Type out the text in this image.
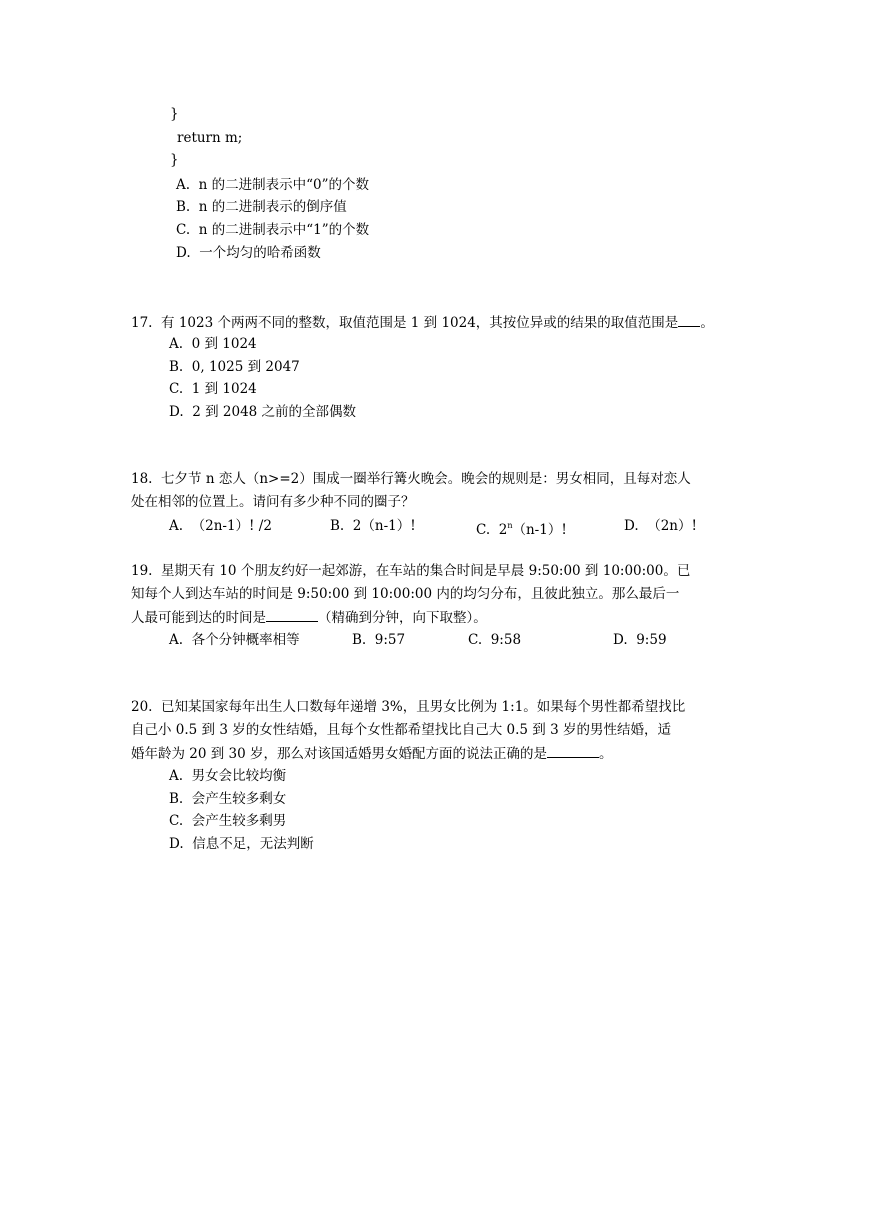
}
return m;
}
A.  n 的二进制表示中“0”的个数
B.  n 的二进制表示的倒序值
C.  n 的二进制表示中“1”的个数
D.  一个均匀的哈希函数
17.  有 1023 个两两不同的整数，取值范围是 1 到 1024，其按位异或的结果的取值范围是 。
A.  0 到 1024
B.  0, 1025 到 2047
C.  1 到 1024
D.  2 到 2048 之前的全部偶数
18.  七夕节 n 恋人（n>=2）围成一圈举行篝火晚会。晚会的规则是：男女相同，且每对恋人
处在相邻的位置上。请问有多少种不同的圈子？
A.  （2n-1）! /2	B.  2（n-1）!	C.  2$^n$（n-1）!	D.  （2n）!
19.  星期天有 10 个朋友约好一起郊游，在车站的集合时间是早晨 9:50:00 到 10:00:00。已
知每个人到达车站的时间是 9:50:00 到 10:00:00 内的均匀分布，且彼此独立。那么最后一
人最可能到达的时间是	（精确到分钟，向下取整）。
A.  各个分钟概率相等	B.  9:57	C.  9:58	D.  9:59
20.  已知某国家每年出生人口数每年递增 3%，且男女比例为 1:1。如果每个男性都希望找比
自己小 0.5 到 3 岁的女性结婚，且每个女性都希望找比自己大 0.5 到 3 岁的男性结婚，适
婚年龄为 20 到 30 岁，那么对该国适婚男女婚配方面的说法正确的是	。
A.  男女会比较均衡
B.  会产生较多剩女
C.  会产生较多剩男
D.  信息不足，无法判断
